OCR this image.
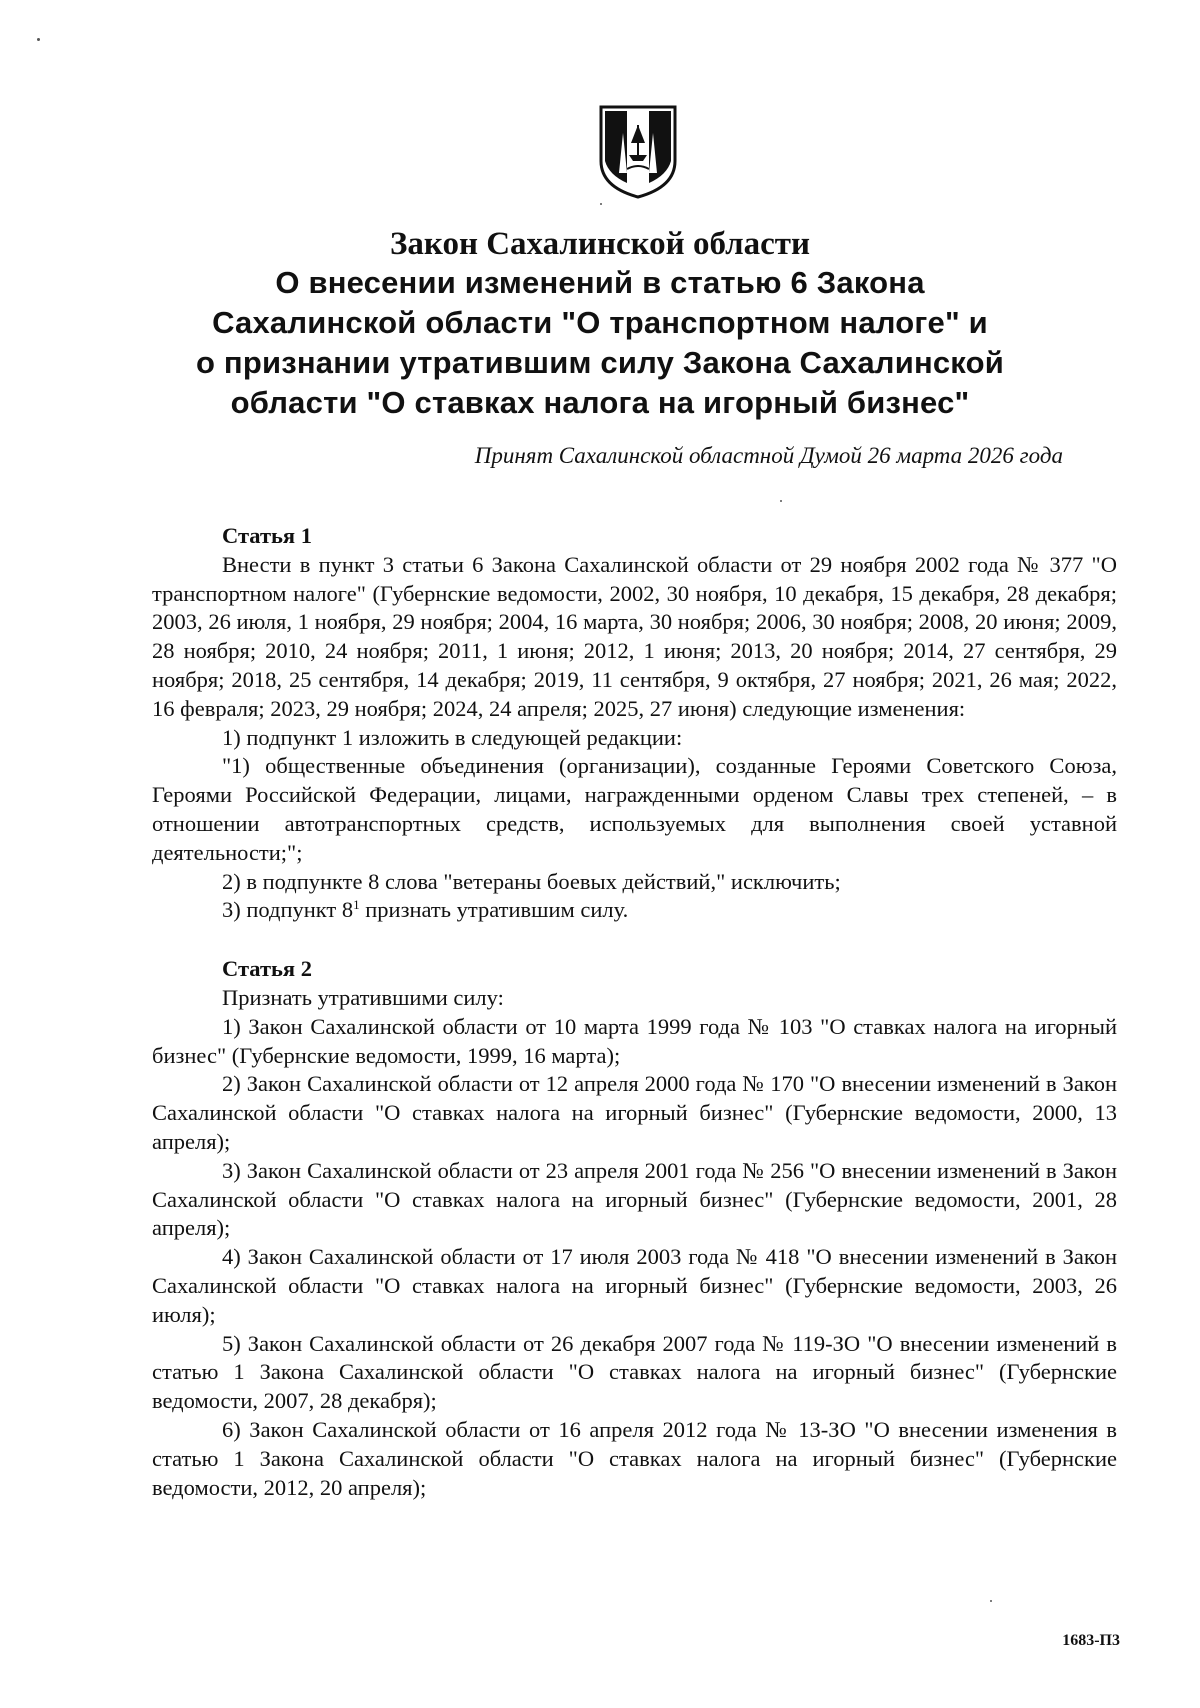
Закон Сахалинской области
О внесении изменений в статью 6 Закона
Сахалинской области "О транспортном налоге" и
о признании утратившим силу Закона Сахалинской
области "О ставках налога на игорный бизнес"
Принят Сахалинской областной Думой 26 марта 2026 года

Статья 1

Внести в пункт 3 статьи 6 Закона Сахалинской области от 29 ноября 2002 года № 377 "О транспортном налоге" (Губернские ведомости, 2002, 30 ноября, 10 декабря, 15 декабря, 28 декабря; 2003, 26 июля, 1 ноября, 29 ноября; 2004, 16 марта, 30 ноября; 2006, 30 ноября; 2008, 20 июня; 2009, 28 ноября; 2010, 24 ноября; 2011, 1 июня; 2012, 1 июня; 2013, 20 ноября; 2014, 27 сентября, 29 ноября; 2018, 25 сентября, 14 декабря; 2019, 11 сентября, 9 октября, 27 ноября; 2021, 26 мая; 2022, 16 февраля; 2023, 29 ноября; 2024, 24 апреля; 2025, 27 июня) следующие изменения:

1) подпункт 1 изложить в следующей редакции:

"1) общественные объединения (организации), созданные Героями Советского Союза, Героями Российской Федерации, лицами, награжденными орденом Славы трех степеней, – в отношении автотранспортных средств, используемых для выполнения своей уставной деятельности;";

2) в подпункте 8 слова "ветераны боевых действий," исключить;

3) подпункт $8^1$ признать утратившим силу.

Статья 2

Признать утратившими силу:

1) Закон Сахалинской области от 10 марта 1999 года № 103 "О ставках налога на игорный бизнес" (Губернские ведомости, 1999, 16 марта);

2) Закон Сахалинской области от 12 апреля 2000 года № 170 "О внесении изменений в Закон Сахалинской области "О ставках налога на игорный бизнес" (Губернские ведомости, 2000, 13 апреля);

3) Закон Сахалинской области от 23 апреля 2001 года № 256 "О внесении изменений в Закон Сахалинской области "О ставках налога на игорный бизнес" (Губернские ведомости, 2001, 28 апреля);

4) Закон Сахалинской области от 17 июля 2003 года № 418 "О внесении изменений в Закон Сахалинской области "О ставках налога на игорный бизнес" (Губернские ведомости, 2003, 26 июля);

5) Закон Сахалинской области от 26 декабря 2007 года № 119-ЗО "О внесении изменений в статью 1 Закона Сахалинской области "О ставках налога на игорный бизнес" (Губернские ведомости, 2007, 28 декабря);

6) Закон Сахалинской области от 16 апреля 2012 года № 13-ЗО "О внесении изменения в статью 1 Закона Сахалинской области "О ставках налога на игорный бизнес" (Губернские ведомости, 2012, 20 апреля);

1683-П3
